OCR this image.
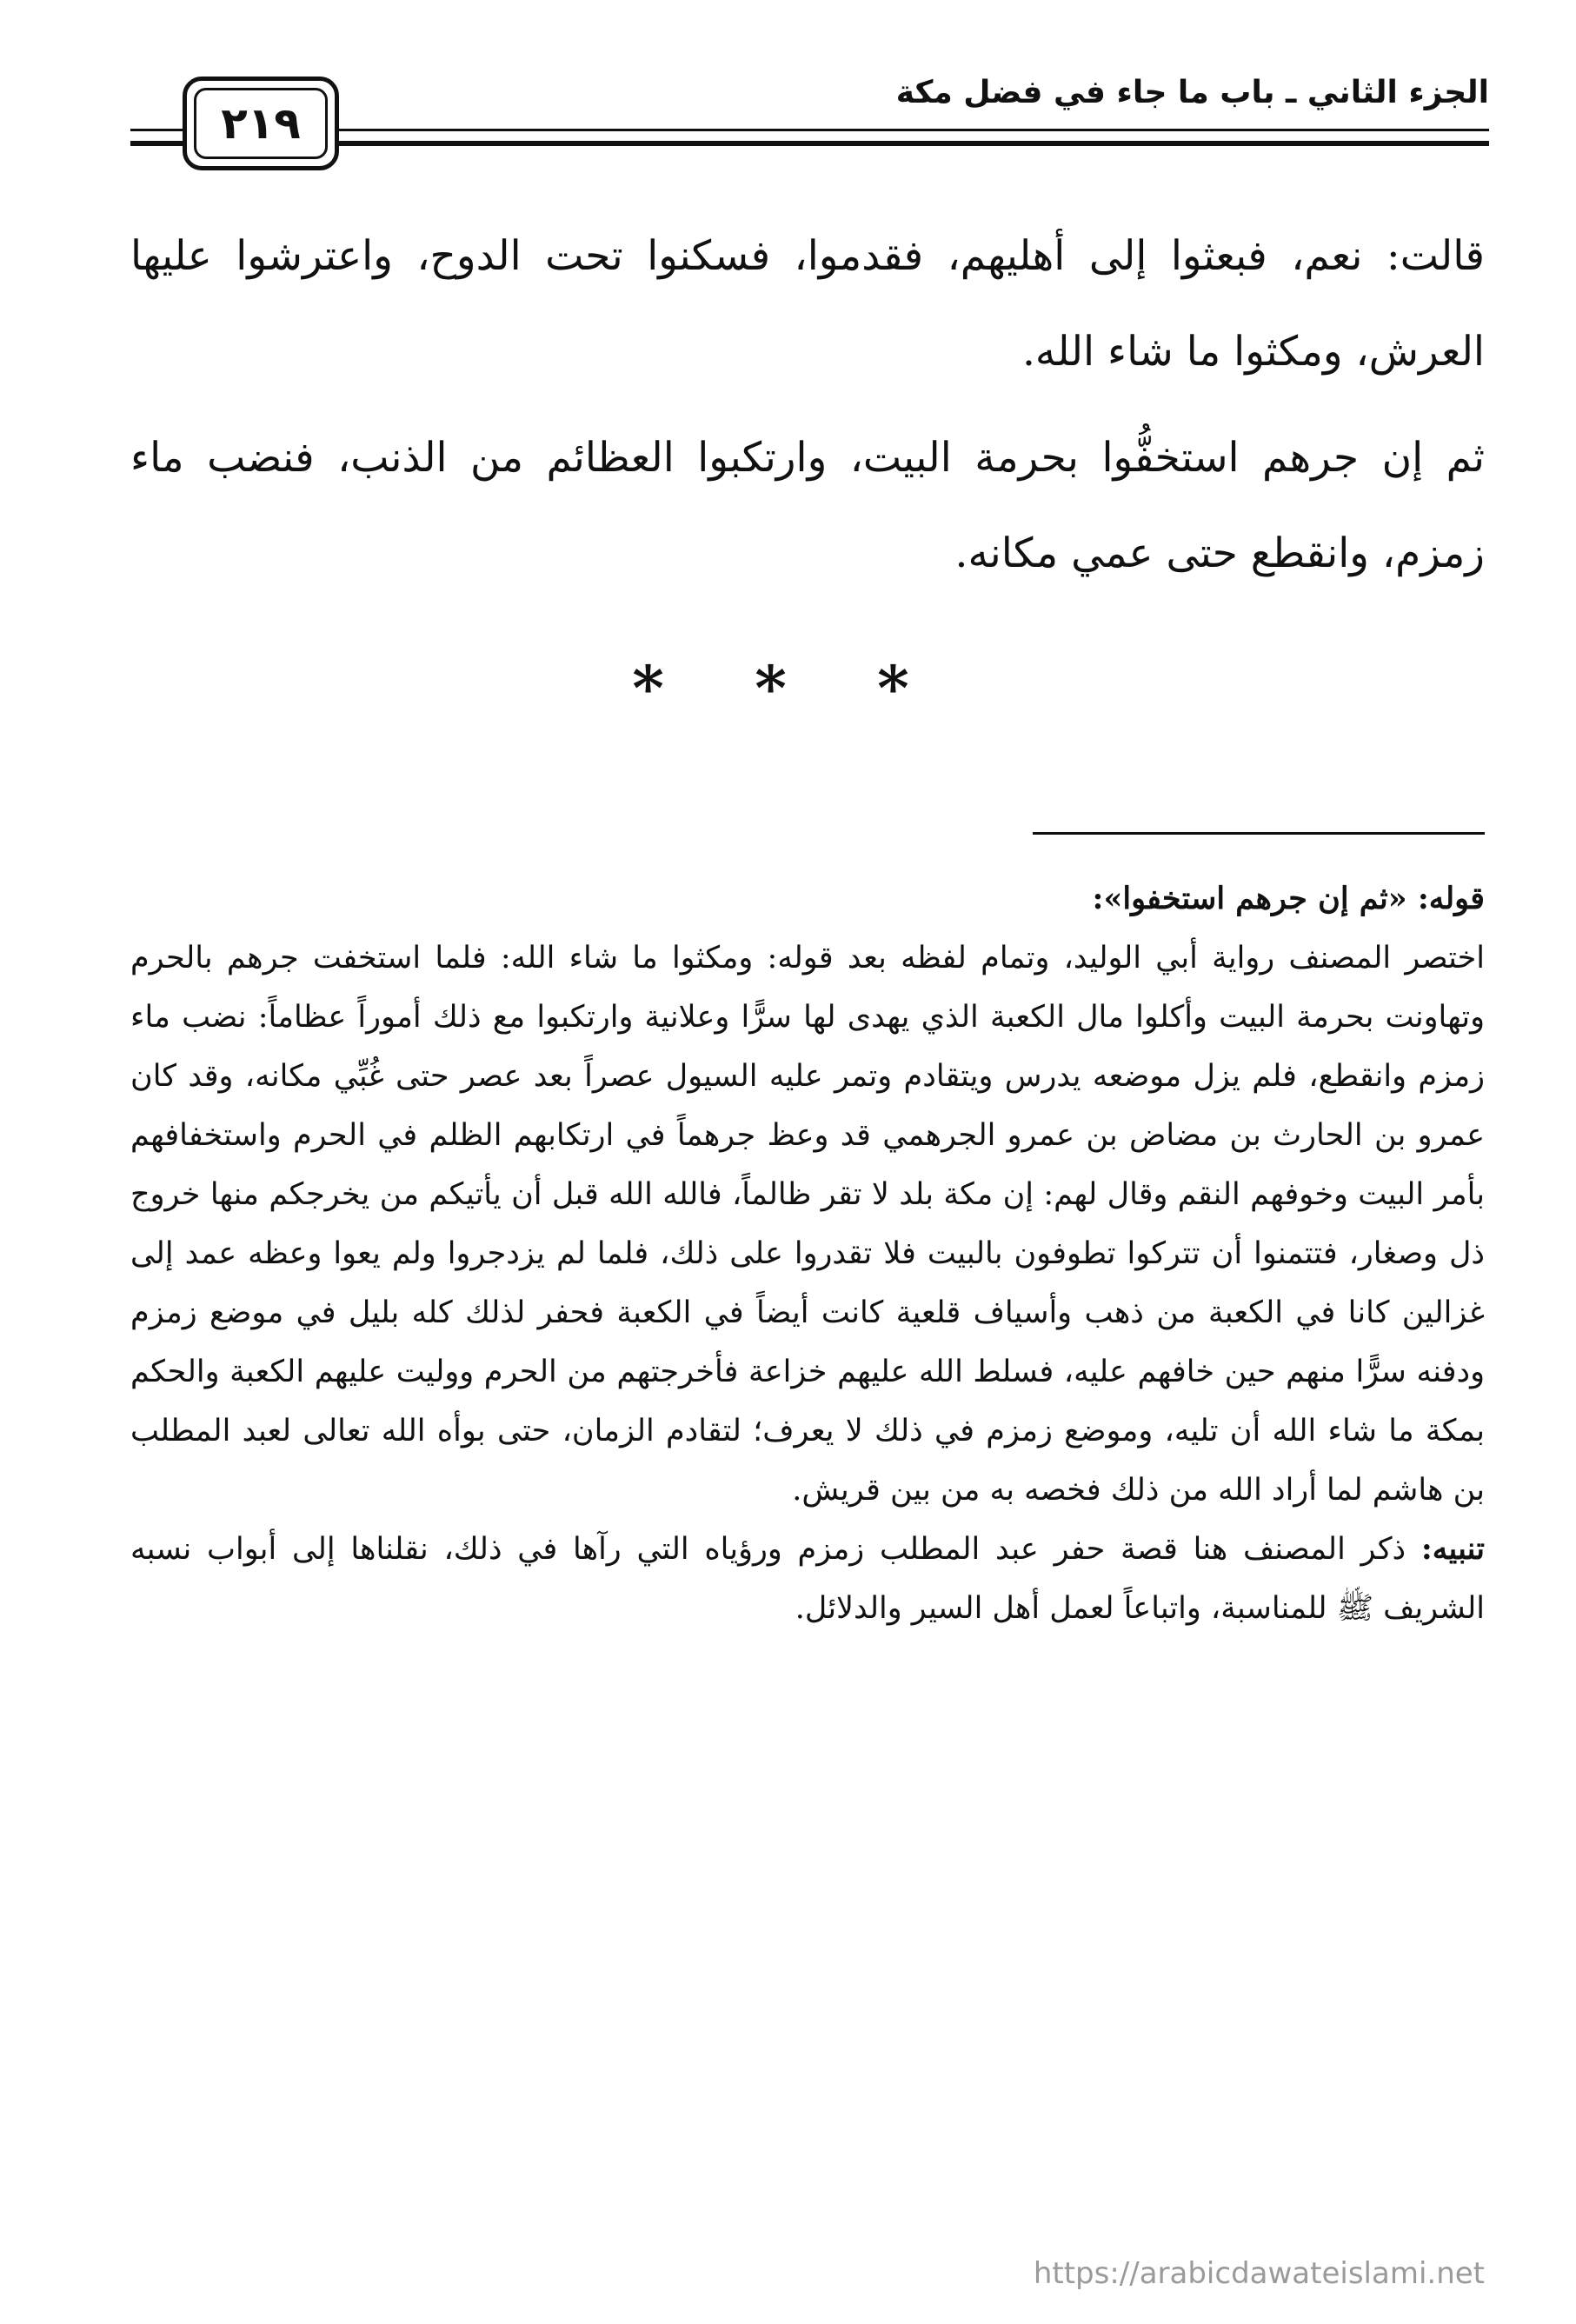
الجزء الثاني ـ باب ما جاء في فضل مكة
٢١٩

قالت: نعم، فبعثوا إلى أهليهم، فقدموا، فسكنوا تحت الدوح، واعترشوا عليها العرش، ومكثوا ما شاء الله.

ثم إن جرهم استخفُّوا بحرمة البيت، وارتكبوا العظائم من الذنب، فنضب ماء زمزم، وانقطع حتى عمي مكانه.

* * *

قوله: «ثم إن جرهم استخفوا»:

اختصر المصنف رواية أبي الوليد، وتمام لفظه بعد قوله: ومكثوا ما شاء الله: فلما استخفت جرهم بالحرم وتهاونت بحرمة البيت وأكلوا مال الكعبة الذي يهدى لها سرًّا وعلانية وارتكبوا مع ذلك أموراً عظاماً: نضب ماء زمزم وانقطع، فلم يزل موضعه يدرس ويتقادم وتمر عليه السيول عصراً بعد عصر حتى غُبِّي مكانه، وقد كان عمرو بن الحارث بن مضاض بن عمرو الجرهمي قد وعظ جرهماً في ارتكابهم الظلم في الحرم واستخفافهم بأمر البيت وخوفهم النقم وقال لهم: إن مكة بلد لا تقر ظالماً، فالله الله قبل أن يأتيكم من يخرجكم منها خروج ذل وصغار، فتتمنوا أن تتركوا تطوفون بالبيت فلا تقدروا على ذلك، فلما لم يزدجروا ولم يعوا وعظه عمد إلى غزالين كانا في الكعبة من ذهب وأسياف قلعية كانت أيضاً في الكعبة فحفر لذلك كله بليل في موضع زمزم ودفنه سرًّا منهم حين خافهم عليه، فسلط الله عليهم خزاعة فأخرجتهم من الحرم ووليت عليهم الكعبة والحكم بمكة ما شاء الله أن تليه، وموضع زمزم في ذلك لا يعرف؛ لتقادم الزمان، حتى بوأه الله تعالى لعبد المطلب بن هاشم لما أراد الله من ذلك فخصه به من بين قريش.

تنبيه: ذكر المصنف هنا قصة حفر عبد المطلب زمزم ورؤياه التي رآها في ذلك، نقلناها إلى أبواب نسبه الشريف ﷺ للمناسبة، واتباعاً لعمل أهل السير والدلائل.

https://arabicdawateislami.net
